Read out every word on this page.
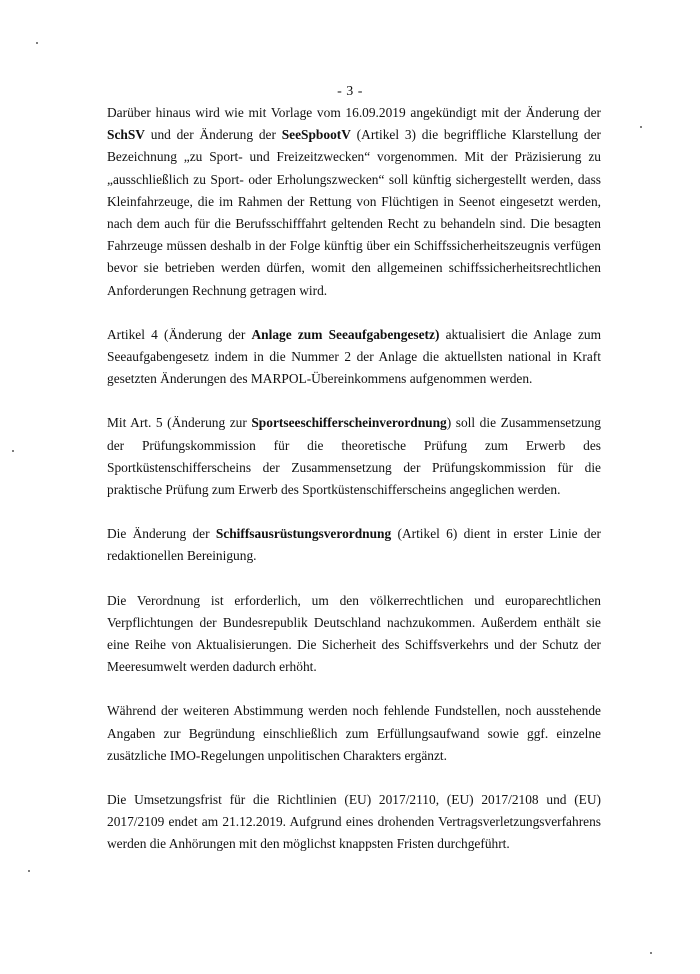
- 3 -

Darüber hinaus wird wie mit Vorlage vom 16.09.2019 angekündigt mit der Änderung der SchSV und der Änderung der SeeSpbootV (Artikel 3) die begriffliche Klarstellung der Bezeichnung „zu Sport- und Freizeitzwecken“ vorgenommen. Mit der Präzisierung zu „ausschließlich zu Sport- oder Erholungszwecken“ soll künftig sichergestellt werden, dass Kleinfahrzeuge, die im Rahmen der Rettung von Flüchtigen in Seenot eingesetzt werden, nach dem auch für die Berufsschifffahrt geltenden Recht zu behandeln sind. Die besagten Fahrzeuge müssen deshalb in der Folge künftig über ein Schiffssicherheitszeugnis verfügen bevor sie betrieben werden dürfen, womit den allgemeinen schiffssicherheitsrechtlichen Anforderungen Rechnung getragen wird.

Artikel 4 (Änderung der Anlage zum Seeaufgabengesetz) aktualisiert die Anlage zum Seeaufgabengesetz indem in die Nummer 2 der Anlage die aktuellsten national in Kraft gesetzten Änderungen des MARPOL-Übereinkommens aufgenommen werden.

Mit Art. 5 (Änderung zur Sportseeschifferscheinverordnung) soll die Zusammensetzung der Prüfungskommission für die theoretische Prüfung zum Erwerb des Sportküstenschifferscheins der Zusammensetzung der Prüfungskommission für die praktische Prüfung zum Erwerb des Sportküstenschifferscheins angeglichen werden.

Die Änderung der Schiffsausrüstungsverordnung (Artikel 6) dient in erster Linie der redaktionellen Bereinigung.

Die Verordnung ist erforderlich, um den völkerrechtlichen und europarechtlichen Verpflichtungen der Bundesrepublik Deutschland nachzukommen. Außerdem enthält sie eine Reihe von Aktualisierungen. Die Sicherheit des Schiffsverkehrs und der Schutz der Meeresumwelt werden dadurch erhöht.

Während der weiteren Abstimmung werden noch fehlende Fundstellen, noch ausstehende Angaben zur Begründung einschließlich zum Erfüllungsaufwand sowie ggf. einzelne zusätzliche IMO-Regelungen unpolitischen Charakters ergänzt.

Die Umsetzungsfrist für die Richtlinien (EU) 2017/2110, (EU) 2017/2108 und (EU) 2017/2109 endet am 21.12.2019. Aufgrund eines drohenden Vertragsverletzungsverfahrens werden die Anhörungen mit den möglichst knappsten Fristen durchgeführt.
